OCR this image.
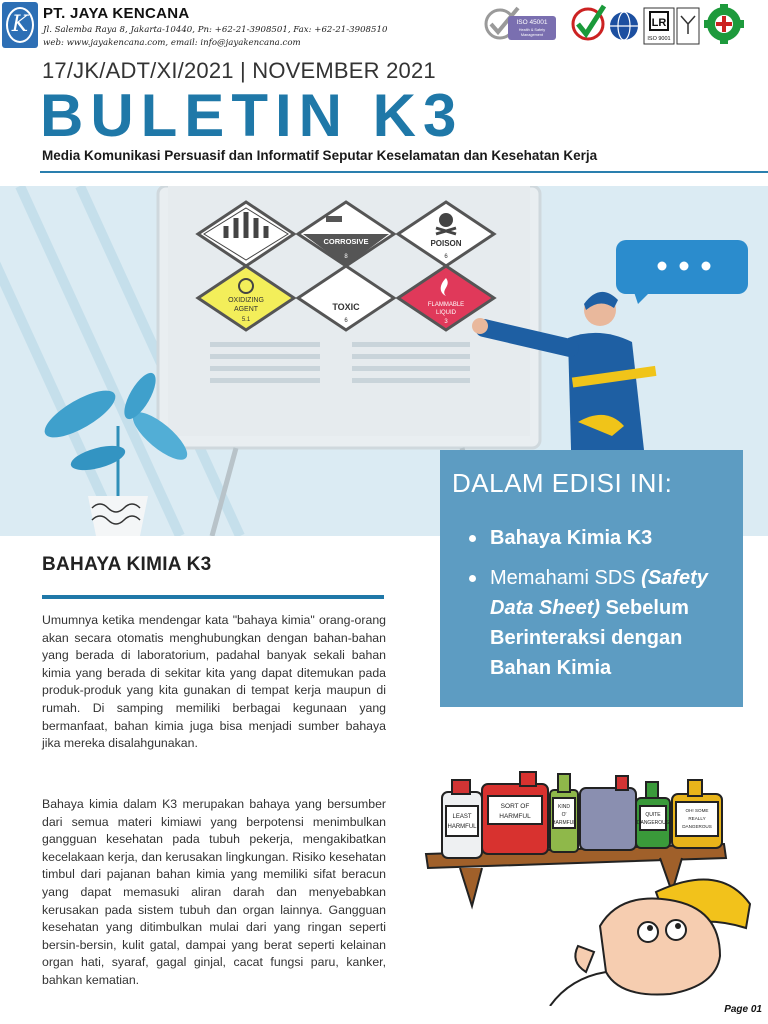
K PT. JAYA KENCANA
Jl. Salemba Raya 8, Jakarta-10440, Pn: +62-21-3908501, Fax: +62-21-3908510
web: www.jayakencana.com, email: info@jayakencana.com
ISO 45001
Health & Safety
Management
LR
ISO 9001
17/JK/ADT/XI/2021 | NOVEMBER 2021
BULETIN K3
Media Komunikasi Persuasif dan Informatif Seputar Keselamatan dan Kesehatan Kerja
CORROSIVE
8
POISON
6
OXIDIZING
AGENT
5.1
TOXIC
6
FLAMMABLE
LIQUID
3
BAHAYA KIMIA K3

Umumnya ketika mendengar kata "bahaya kimia" orang-orang akan secara otomatis menghubungkan dengan bahan-bahan yang berada di laboratorium, padahal banyak sekali bahan kimia yang berada di sekitar kita yang dapat ditemukan pada produk-produk yang kita gunakan di tempat kerja maupun di rumah. Di samping memiliki berbagai kegunaan yang bermanfaat, bahan kimia juga bisa menjadi sumber bahaya jika mereka disalahgunakan.

Bahaya kimia dalam K3 merupakan bahaya yang bersumber dari semua materi kimiawi yang berpotensi menimbulkan gangguan kesehatan pada tubuh pekerja, mengakibatkan kecelakaan kerja, dan kerusakan lingkungan. Risiko kesehatan timbul dari pajanan bahan kimia yang memiliki sifat beracun yang dapat memasuki aliran darah dan menyebabkan kerusakan pada sistem tubuh dan organ lainnya. Gangguan kesehatan yang ditimbulkan mulai dari yang ringan seperti bersin-bersin, kulit gatal, dampai yang berat seperti kelainan organ hati, syaraf, gagal ginjal, cacat fungsi paru, kanker, bahkan kematian.

DALAM EDISI INI:
Bahaya Kimia K3
Memahami SDS (Safety Data Sheet) Sebelum Berinteraksi dengan Bahan Kimia
LEAST
HARMFUL
SORT OF
HARMFUL
KIND
O'
HARMFUL
QUITE
DANGEROUS
OH! SOME
REALLY
DANGEROUS
Page 01
